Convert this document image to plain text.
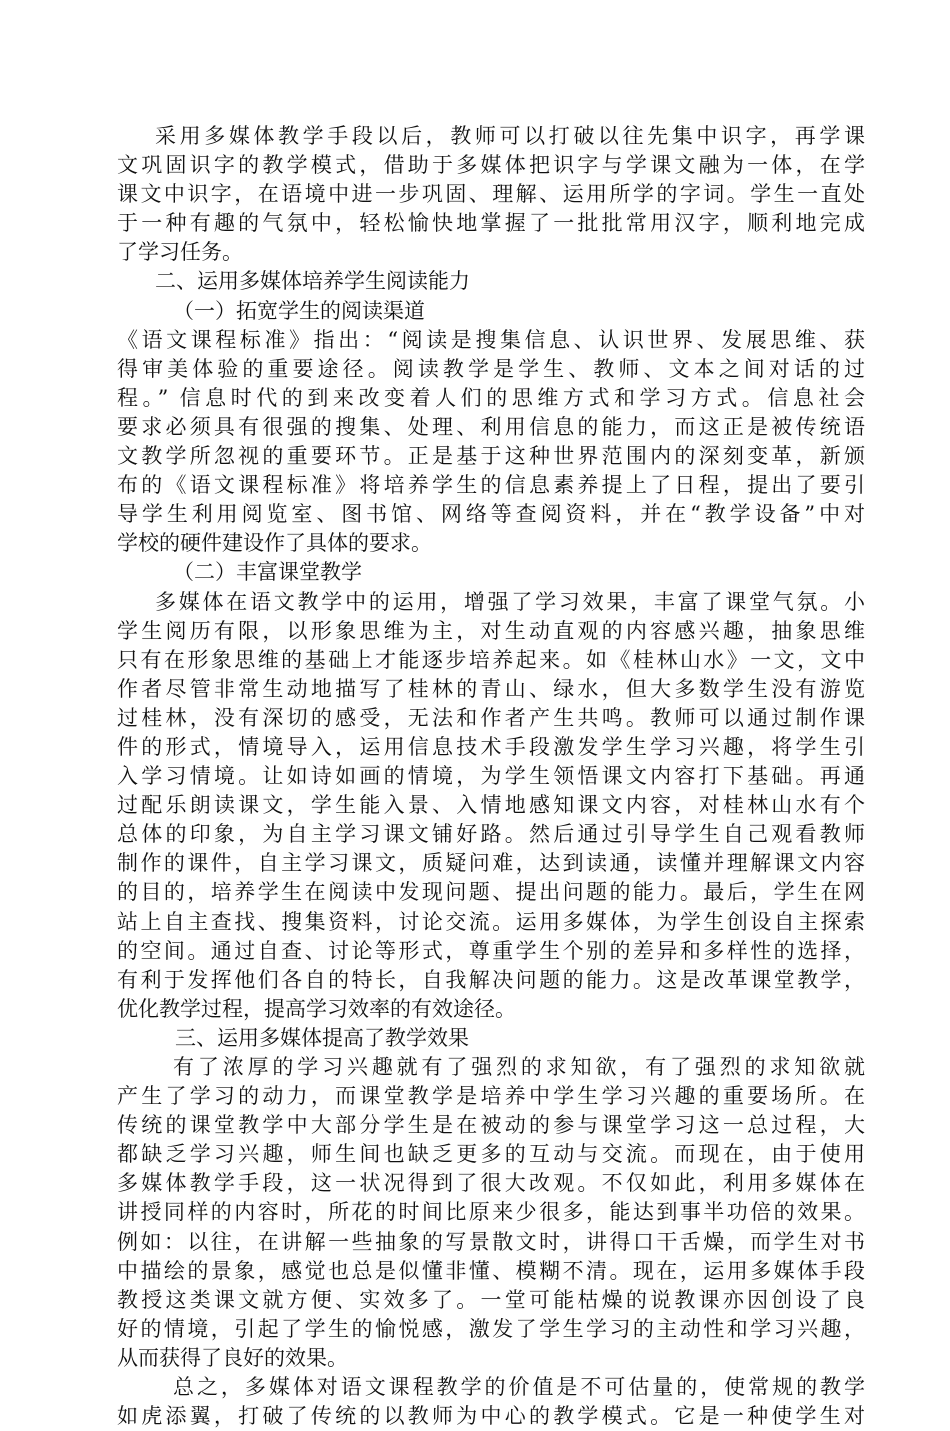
采用多媒体教学手段以后，教师可以打破以往先集中识字，再学课
文巩固识字的教学模式，借助于多媒体把识字与学课文融为一体，在学
课文中识字，在语境中进一步巩固、理解、运用所学的字词。学生一直处
于一种有趣的气氛中，轻松愉快地掌握了一批批常用汉字，顺利地完成
了学习任务。
二、运用多媒体培养学生阅读能力
（一）拓宽学生的阅读渠道
《语文课程标准》指出：“阅读是搜集信息、认识世界、发展思维、获
得审美体验的重要途径。阅读教学是学生、教师、文本之间对话的过
程。” 信息时代的到来改变着人们的思维方式和学习方式。信息社会
要求必须具有很强的搜集、处理、利用信息的能力，而这正是被传统语
文教学所忽视的重要环节。正是基于这种世界范围内的深刻变革，新颁
布的《语文课程标准》将培养学生的信息素养提上了日程，提出了要引
导学生利用阅览室、图书馆、网络等查阅资料，并在“教学设备”中对
学校的硬件建设作了具体的要求。
（二）丰富课堂教学
多媒体在语文教学中的运用，增强了学习效果，丰富了课堂气氛。小
学生阅历有限，以形象思维为主，对生动直观的内容感兴趣，抽象思维
只有在形象思维的基础上才能逐步培养起来。如《桂林山水》一文，文中
作者尽管非常生动地描写了桂林的青山、绿水，但大多数学生没有游览
过桂林，没有深切的感受，无法和作者产生共鸣。教师可以通过制作课
件的形式，情境导入，运用信息技术手段激发学生学习兴趣，将学生引
入学习情境。让如诗如画的情境，为学生领悟课文内容打下基础。再通
过配乐朗读课文，学生能入景、入情地感知课文内容，对桂林山水有个
总体的印象，为自主学习课文铺好路。然后通过引导学生自己观看教师
制作的课件，自主学习课文，质疑问难，达到读通，读懂并理解课文内容
的目的，培养学生在阅读中发现问题、提出问题的能力。最后，学生在网
站上自主查找、搜集资料，讨论交流。运用多媒体，为学生创设自主探索
的空间。通过自查、讨论等形式，尊重学生个别的差异和多样性的选择，
有利于发挥他们各自的特长，自我解决问题的能力。这是改革课堂教学，
优化教学过程，提高学习效率的有效途径。
三、运用多媒体提高了教学效果
有了浓厚的学习兴趣就有了强烈的求知欲，有了强烈的求知欲就
产生了学习的动力，而课堂教学是培养中学生学习兴趣的重要场所。在
传统的课堂教学中大部分学生是在被动的参与课堂学习这一总过程，大
都缺乏学习兴趣，师生间也缺乏更多的互动与交流。而现在，由于使用
多媒体教学手段，这一状况得到了很大改观。不仅如此，利用多媒体在
讲授同样的内容时，所花的时间比原来少很多，能达到事半功倍的效果。
例如：以往，在讲解一些抽象的写景散文时，讲得口干舌燥，而学生对书
中描绘的景象，感觉也总是似懂非懂、模糊不清。现在，运用多媒体手段
教授这类课文就方便、实效多了。一堂可能枯燥的说教课亦因创设了良
好的情境，引起了学生的愉悦感，激发了学生学习的主动性和学习兴趣，
从而获得了良好的效果。
总之，多媒体对语文课程教学的价值是不可估量的，使常规的教学
如虎添翼，打破了传统的以教师为中心的教学模式。它是一种使学生对
